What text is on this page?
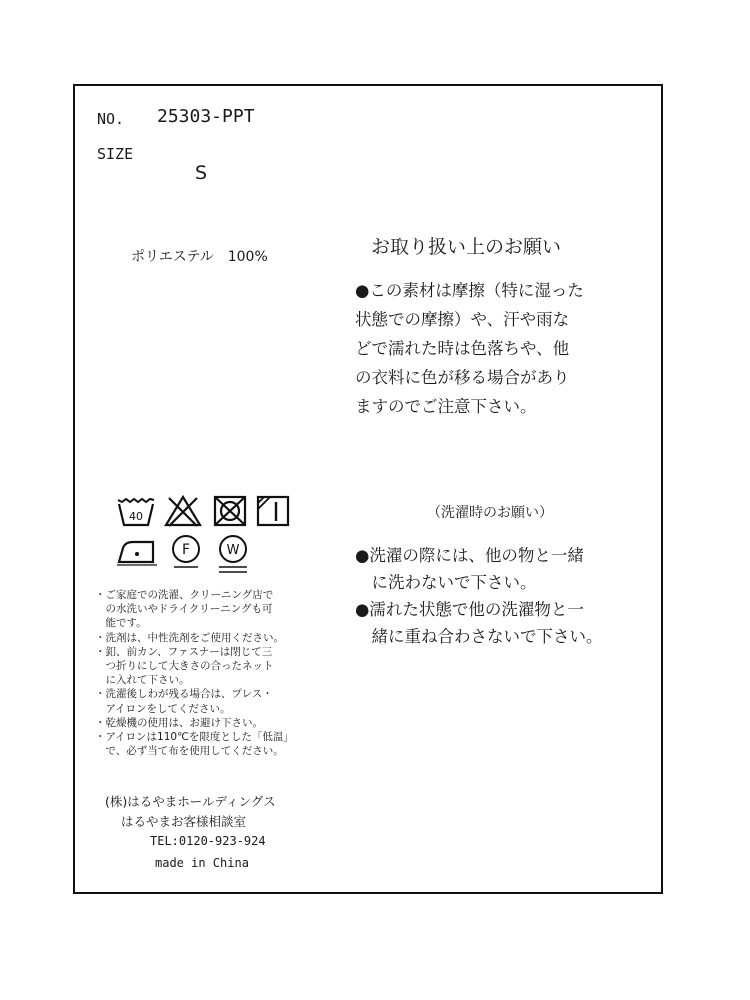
NO. 25303-PPT
SIZE
S
ポリエステル　100%
40
F	W

・ご家庭での洗濯、クリーニング店で

　の水洗いやドライクリーニングも可

　能です。

・洗剤は、中性洗剤をご使用ください。

・釦、前カン、ファスナーは閉じて三

　つ折りにして大きさの合ったネット

　に入れて下さい。

・洗濯後しわが残る場合は、プレス・

　アイロンをしてください。

・乾燥機の使用は、お避け下さい。

・アイロンは110℃を限度とした「低温」

　で、必ず当て布を使用してください。

(株)はるやまホールディングス
はるやまお客様相談室
TEL:0120-923-924
made in China
お取り扱い上のお願い

●この素材は摩擦（特に湿った

状態での摩擦）や、汗や雨な

どで濡れた時は色落ちや、他

の衣料に色が移る場合があり

ますのでご注意下さい。

（洗濯時のお願い）

●洗濯の際には、他の物と一緒

　に洗わないで下さい。

●濡れた状態で他の洗濯物と一

　緒に重ね合わさないで下さい。
